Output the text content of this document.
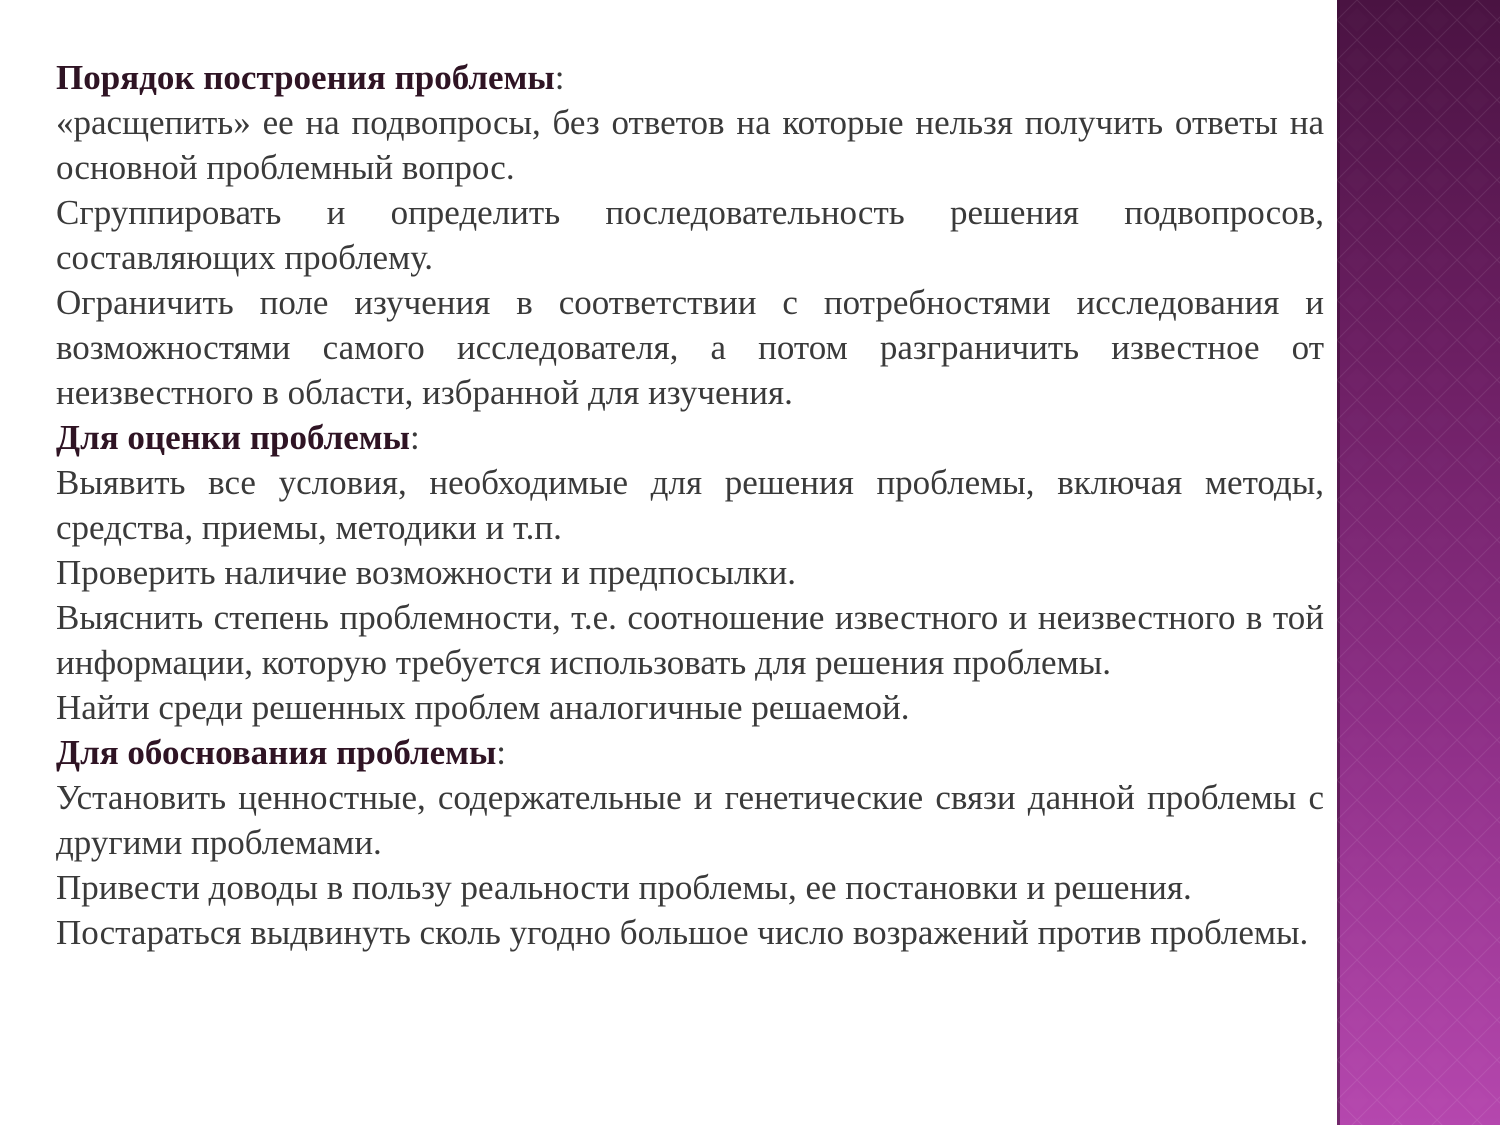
Порядок построения проблемы:

«расщепить» ее на подвопросы, без ответов на которые нельзя получить ответы на основной проблемный вопрос.

Сгруппировать и определить последовательность решения подвопросов, составляющих проблему.

Ограничить поле изучения в соответствии с потребностями исследования и возможностями самого исследователя, а потом разграничить известное от неизвестного в области, избранной для изучения.

Для оценки проблемы:

Выявить все условия, необходимые для решения проблемы, включая методы, средства, приемы, методики и т.п.

Проверить наличие возможности и предпосылки.

Выяснить степень проблемности, т.е. соотношение известного и неизвестного в той информации, которую требуется использовать для решения проблемы.

Найти среди решенных проблем аналогичные решаемой.

Для обоснования проблемы:

Установить ценностные, содержательные и генетические связи данной проблемы с другими проблемами.

Привести доводы в пользу реальности проблемы, ее постановки и решения.

Постараться выдвинуть сколь угодно большое число возражений против проблемы.
